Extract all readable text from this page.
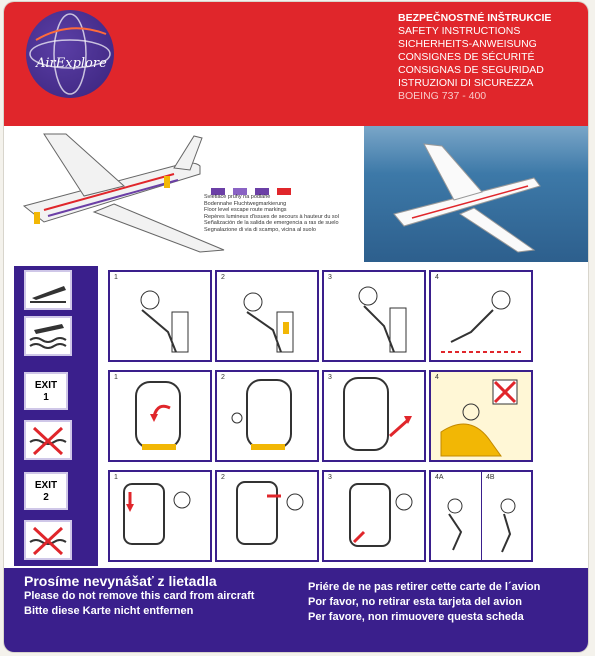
AirExplore
BEZPEČNOSTNÉ INŠTRUKCIE
SAFETY INSTRUCTIONS
SICHERHEITS-ANWEISUNG
CONSIGNES DE SÉCURITÉ
CONSIGNAS DE SEGURIDAD
ISTRUZIONI DI SICUREZZA
BOEING 737 - 400
Svietiace pruhy na podlahe
Bodennahe Fluchtwegmarkierung
Floor level escape route markings
Repères lumineux d'issues de secours à hauteur du sol
Señalización de la salida de emergencia a ras de suelo
Segnalazione di via di scampo, vicina al suolo
EXIT
1
EXIT
2
1	2	3	4
1	2	3	4
1	2	3	4A	4B
Prosíme nevynášať z lietadla
Please do not remove this card from aircraft
Bitte diese Karte nicht entfernen
Priére de ne pas retirer cette carte de l´avion
Por favor, no retirar esta tarjeta del avion
Per favore, non rimuovere questa scheda
